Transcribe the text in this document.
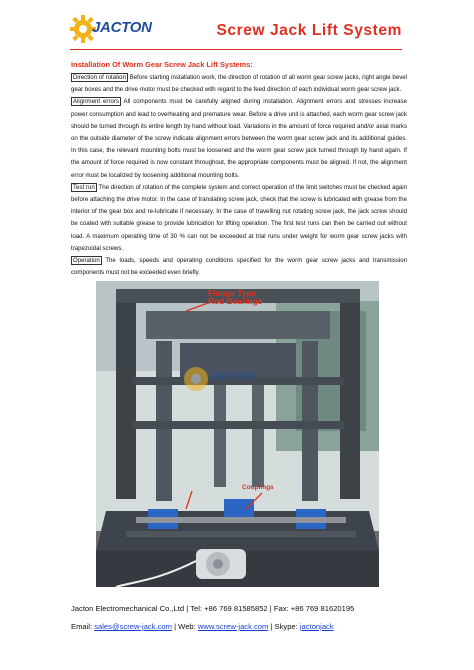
JACTON	Screw Jack Lift System

Installation Of Worm Gear Screw Jack Lift Systems:

Direction of rotation Before starting installation work, the direction of rotation of all worm gear screw jacks, right angle bevel gear boxes and the drive motor must be checked with regard to the feed direction of each individual worm gear screw jack.

Alignment errors All components must be carefully aligned during installation. Alignment errors and stresses increase power consumption and lead to overheating and premature wear. Before a drive unit is attached, each worm gear screw jack should be turned through its entire length by hand without load. Variations in the amount of force required and/or axial marks on the outside diameter of the screw indicate alignment errors between the worm gear screw jack and its additional guides. In this case, the relevant mounting bolts must be loosened and the worm gear screw jack turned through by hand again. If the amount of force required is now constant throughout, the appropriate components must be aligned. If not, the alignment error must be localized by loosening additional mounting bolts.

Test run The direction of rotation of the complete system and correct operation of the limit switches must be checked again before attaching the drive motor. In the case of translating screw jack, check that the screw is lubricated with grease from the interior of the gear box and re-lubricate if necessary. In the case of travelling nut rotating screw jack, the jack screw should be coated with suitable grease to provide lubrication for lifting operation. The first test runs can then be carried out without load. A maximum operating time of 30 % can not be exceeded at trial runs under weight for worm gear screw jacks with trapezoidal screws.

Operation The loads, speeds and operating conditions specified for the worm gear screw jacks and transmission components must not be exceeded even briefly.

Flange Type
Rod Bearings
Couplings
JACTON
Jacton Electromechanical Co.,Ltd | Tel: +86 769 81585852 | Fax: +86 769 81620195
Email: sales@screw-jack.com | Web: www.screw-jack.com | Skype: jactonjack
